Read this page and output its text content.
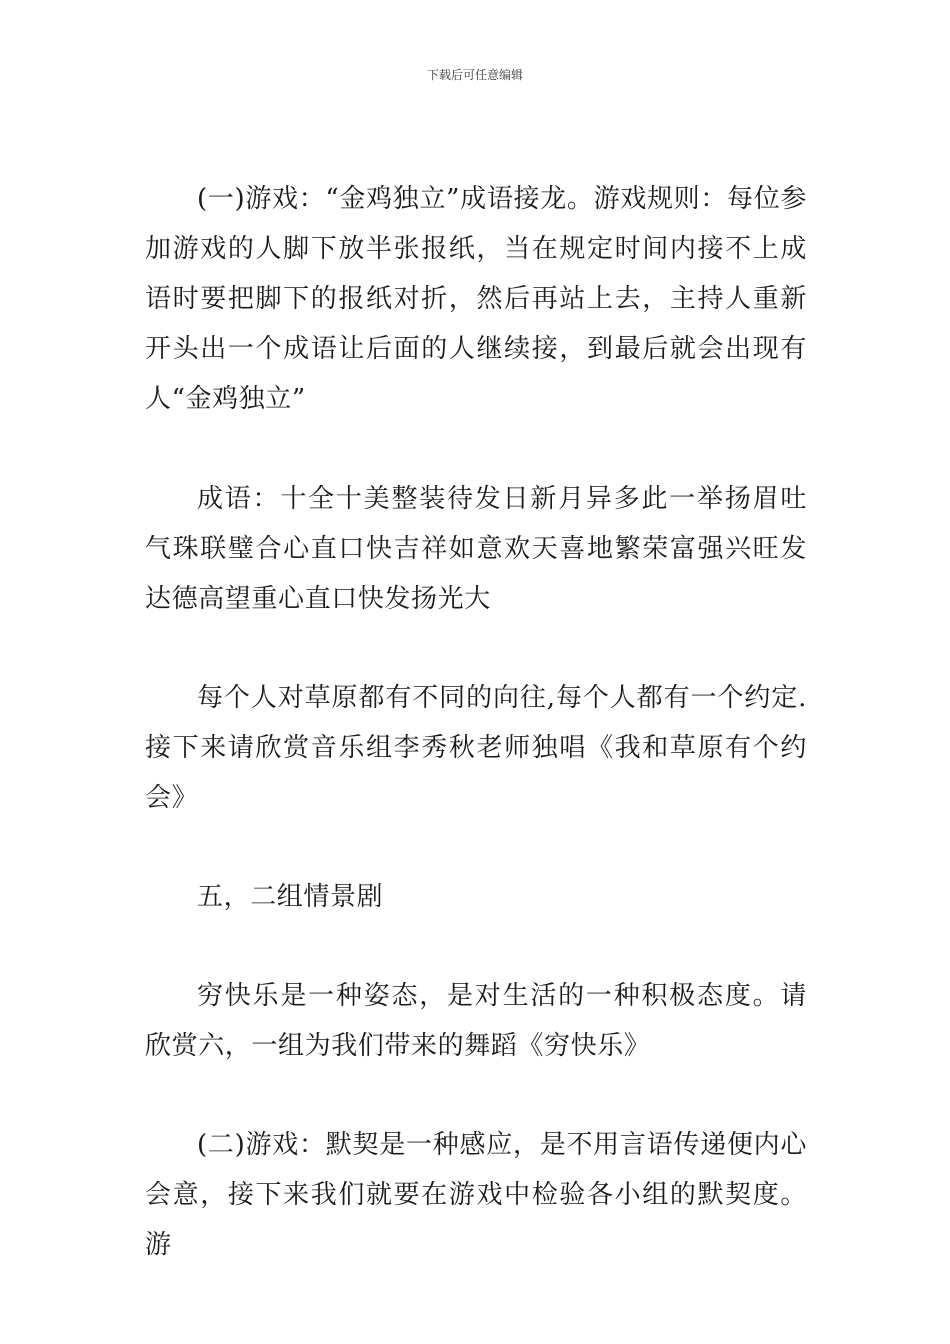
下载后可任意编辑

(一)游戏：“金鸡独立”成语接龙。游戏规则：每位参加游戏的人脚下放半张报纸，当在规定时间内接不上成语时要把脚下的报纸对折，然后再站上去，主持人重新开头出一个成语让后面的人继续接，到最后就会出现有人“金鸡独立”

成语：十全十美整装待发日新月异多此一举扬眉吐气珠联璧合心直口快吉祥如意欢天喜地繁荣富强兴旺发达德高望重心直口快发扬光大

每个人对草原都有不同的向往,每个人都有一个约定.接下来请欣赏音乐组李秀秋老师独唱《我和草原有个约会》

五，二组情景剧

穷快乐是一种姿态，是对生活的一种积极态度。请欣赏六，一组为我们带来的舞蹈《穷快乐》

(二)游戏：默契是一种感应，是不用言语传递便内心会意，接下来我们就要在游戏中检验各小组的默契度。游
